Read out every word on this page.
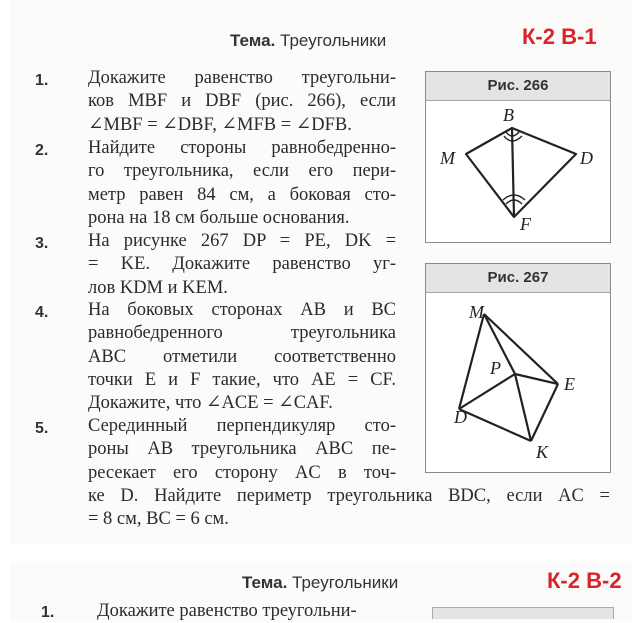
Тема. Треугольники	К-2 В-1
1. Докажите равенство треугольни-
ков MBF и DBF (рис. 266), если
∠MBF = ∠DBF, ∠MFB = ∠DFB.
2. Найдите стороны равнобедренно-
го треугольника, если его пери-
метр равен 84 см, а боковая сто-
рона на 18 см больше основания.
3. На рисунке 267 DP = PE, DK =
= KE. Докажите равенство уг-
лов KDM и KEM.
4. На боковых сторонах AB и BC
равнобедренного треугольника
ABC отметили соответственно
точки E и F такие, что AE = CF.
Докажите, что ∠ACE = ∠CAF.
5. Серединный перпендикуляр сто-
роны AB треугольника ABC пе-
ресекает его сторону AC в точ-
ке D. Найдите периметр треугольника BDC, если AC =
= 8 см, BC = 6 см.
Рис. 266
B
M	D
F
Рис. 267
M
P
E
D
K
Тема. Треугольники	К-2 В-2
1. Докажите равенство треугольни-
